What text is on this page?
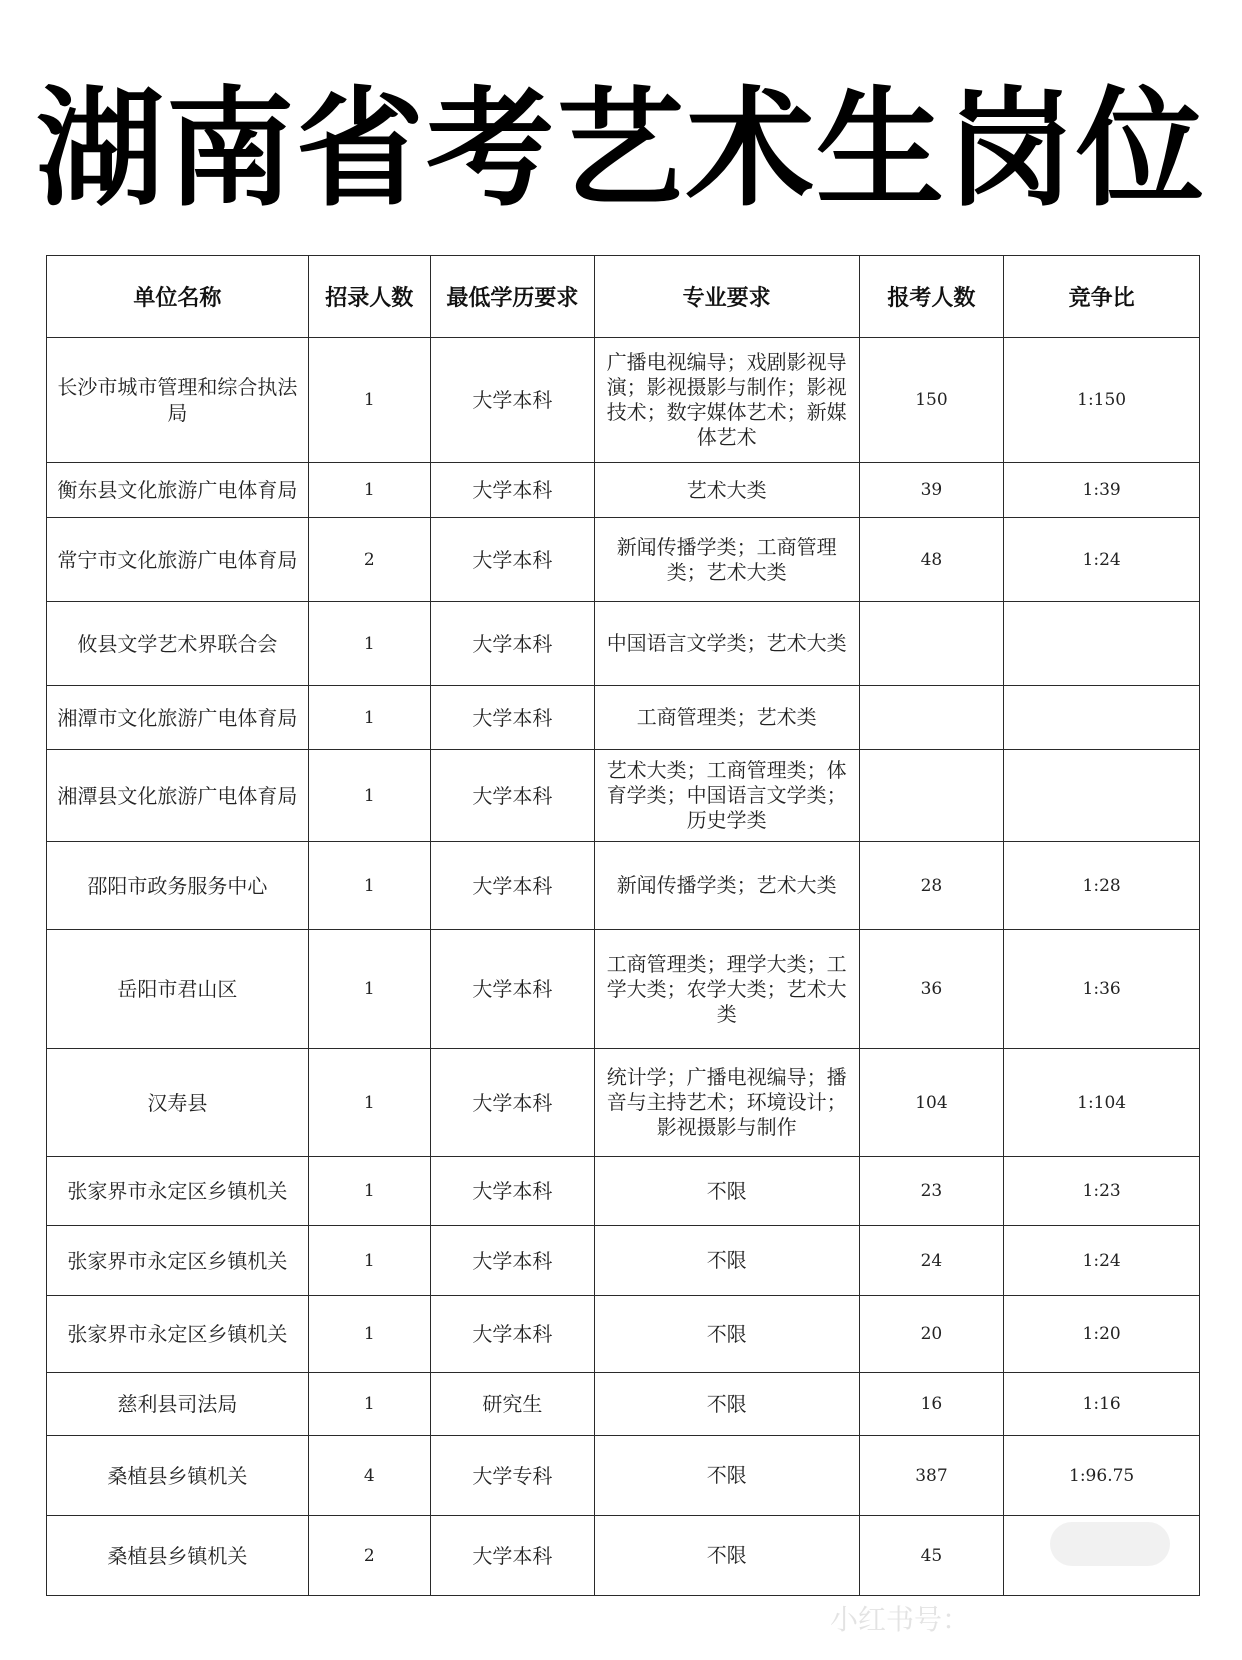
湖南省考艺术生岗位
单位名称	招录人数	最低学历要求	专业要求	报考人数	竞争比
长沙市城市管理和综合执法局	1	大学本科	广播电视编导；戏剧影视导演；影视摄影与制作；影视技术；数字媒体艺术；新媒体艺术	150	1:150
衡东县文化旅游广电体育局	1	大学本科	艺术大类	39	1:39
常宁市文化旅游广电体育局	2	大学本科	新闻传播学类；工商管理类；艺术大类	48	1:24
攸县文学艺术界联合会	1	大学本科	中国语言文学类；艺术大类		
湘潭市文化旅游广电体育局	1	大学本科	工商管理类；艺术类		
湘潭县文化旅游广电体育局	1	大学本科	艺术大类；工商管理类；体育学类；中国语言文学类；历史学类		
邵阳市政务服务中心	1	大学本科	新闻传播学类；艺术大类	28	1:28
岳阳市君山区	1	大学本科	工商管理类；理学大类；工学大类；农学大类；艺术大类	36	1:36
汉寿县	1	大学本科	统计学；广播电视编导；播音与主持艺术；环境设计；影视摄影与制作	104	1:104
张家界市永定区乡镇机关	1	大学本科	不限	23	1:23
张家界市永定区乡镇机关	1	大学本科	不限	24	1:24
张家界市永定区乡镇机关	1	大学本科	不限	20	1:20
慈利县司法局	1	研究生	不限	16	1:16
桑植县乡镇机关	4	大学专科	不限	387	1:96.75
桑植县乡镇机关	2	大学本科	不限	45	
小红书号：
